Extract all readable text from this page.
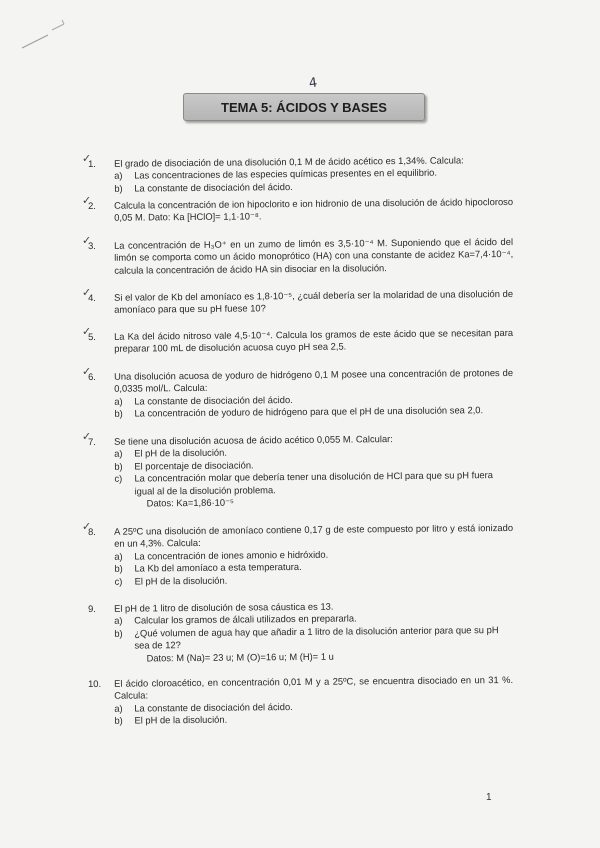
4
TEMA 5: ÁCIDOS Y BASES
✓
1.	El grado de disociación de una disolución 0,1 M de ácido acético es 1,34%. Calcula:
a)	Las concentraciones de las especies químicas presentes en el equilibrio.
b)	La constante de disociación del ácido.
✓
2.	Calcula la concentración de ion hipoclorito e ion hidronio de una disolución de ácido hipocloroso 0,05 M. Dato: Ka [HClO]= 1,1·10⁻⁸.
✓
3.	La concentración de H₃O⁺ en un zumo de limón es 3,5·10⁻⁴ M. Suponiendo que el ácido del limón se comporta como un ácido monoprótico (HA) con una constante de acidez Ka=7,4·10⁻⁴, calcula la concentración de ácido HA sin disociar en la disolución.
✓
4.	Si el valor de Kb del amoníaco es 1,8·10⁻⁵, ¿cuál debería ser la molaridad de una disolución de amoníaco para que su pH fuese 10?
✓
5.	La Ka del ácido nitroso vale 4,5·10⁻⁴. Calcula los gramos de este ácido que se necesitan para preparar 100 mL de disolución acuosa cuyo pH sea 2,5.
✓
6.	Una disolución acuosa de yoduro de hidrógeno 0,1 M posee una concentración de protones de 0,0335 mol/L. Calcula:
a)	La constante de disociación del ácido.
b)	La concentración de yoduro de hidrógeno para que el pH de una disolución sea 2,0.
✓
7.	Se tiene una disolución acuosa de ácido acético 0,055 M. Calcular:
a)	El pH de la disolución.
b)	El porcentaje de disociación.
c)	La concentración molar que debería tener una disolución de HCl para que su pH fuera igual al de la disolución problema.
Datos: Ka=1,86·10⁻⁵
✓
8.	A 25ºC una disolución de amoníaco contiene 0,17 g de este compuesto por litro y está ionizado en un 4,3%. Calcula:
a)	La concentración de iones amonio e hidróxido.
b)	La Kb del amoníaco a esta temperatura.
c)	El pH de la disolución.
9.	El pH de 1 litro de disolución de sosa cáustica es 13.
a)	Calcular los gramos de álcali utilizados en prepararla.
b)	¿Qué volumen de agua hay que añadir a 1 litro de la disolución anterior para que su pH sea de 12?
Datos: M (Na)= 23 u; M (O)=16 u; M (H)= 1 u
10.	El ácido cloroacético, en concentración 0,01 M y a 25ºC, se encuentra disociado en un 31 %. Calcula:
a)	La constante de disociación del ácido.
b)	El pH de la disolución.
1
